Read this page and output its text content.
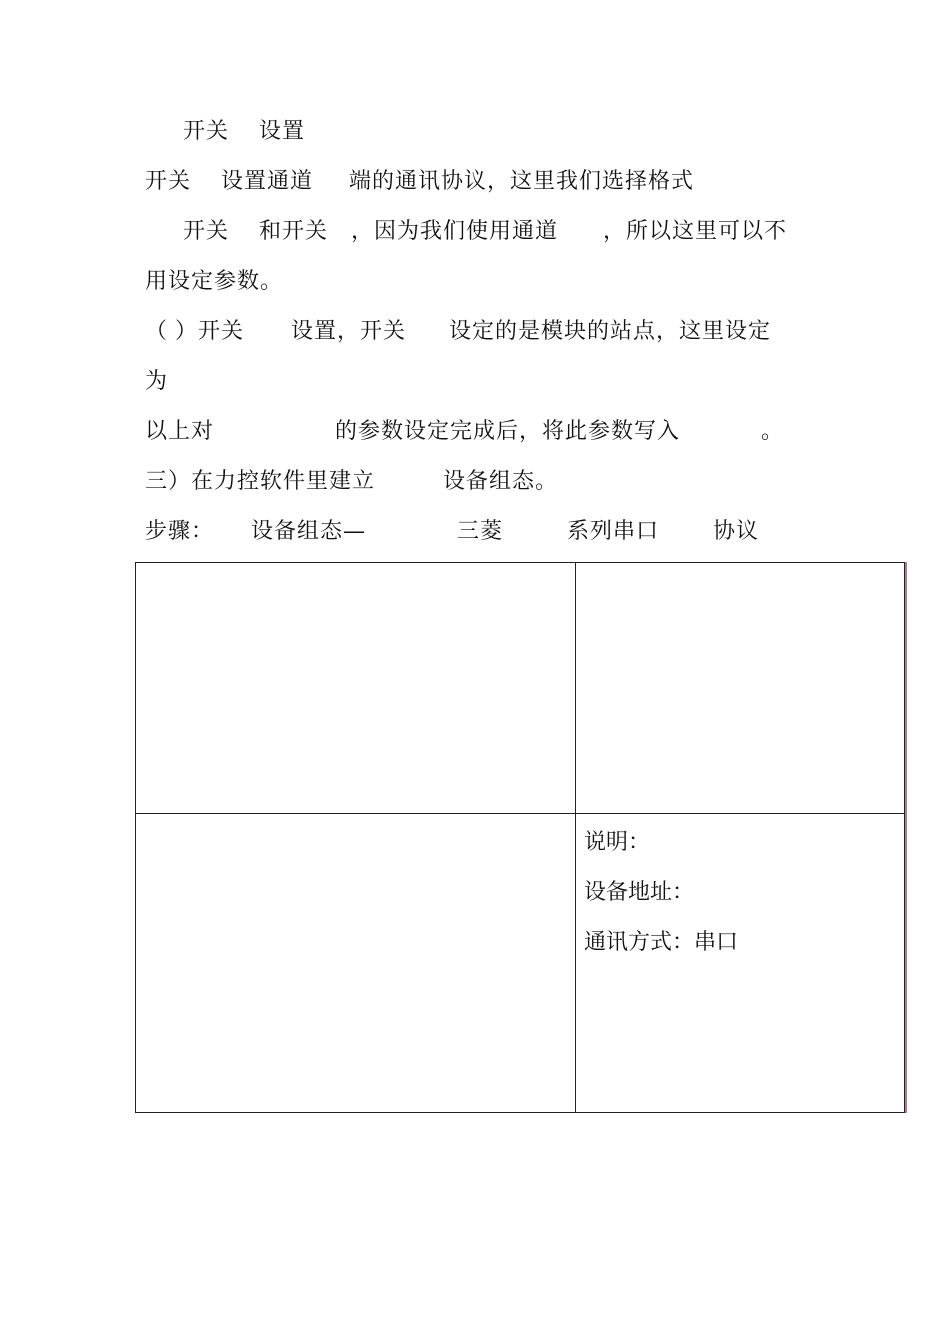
开关 设置
开关 设置通道 端的通讯协议，这里我们选择格式
开关 和开关 ，因为我们使用通道 ，所以这里可以不
用设定参数。
（ ）开关 设置，开关 设定的是模块的站点，这里设定
为
以上对	的参数设定完成后，将此参数写入	。
三）在力控软件里建立	设备组态。
步骤： 设备组态—	三菱	系列串口 协议
说明：
设备地址：
通讯方式：串口
